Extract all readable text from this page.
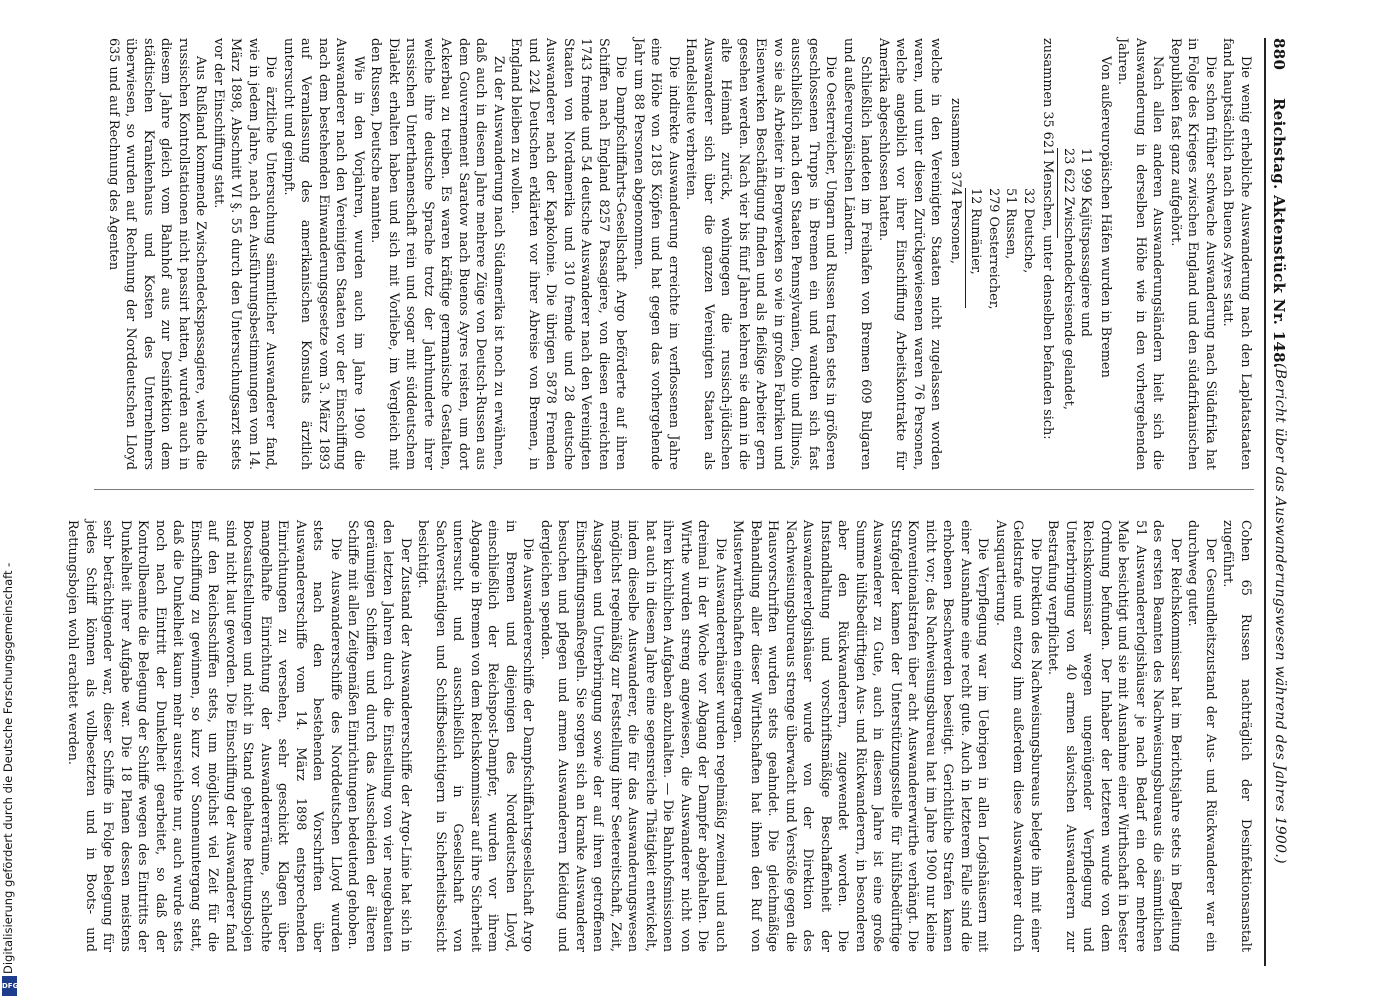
Digitalisierung gefördert durch die Deutsche Forschungsgemeinschaft -
DFG
880
Reichstag. Aktenstück Nr. 148.
(Bericht über das Auswanderungswesen während des Jahres 1900.)

Die wenig erhebliche Auswanderung nach den Laplatastaaten fand hauptsächlich nach Buenos Ayres statt.

Die schon früher schwache Auswanderung nach Südafrika hat in Folge des Krieges zwischen England und den südafrikanischen Republiken fast ganz aufgehört.

Nach allen anderen Auswanderungsländern hielt sich die Auswanderung in derselben Höhe wie in den vorhergehenden Jahren.

Von außereuropäischen Häfen wurden in Bremen

11 999 Kajütspassagiere und
23 622 Zwischendeckreisende gelandet,
zusammen 35 621 Menschen, unter denselben befanden sich:
32 Deutsche,
51 Russen,
279 Oesterreicher,
12 Rumänier,
zusammen 374 Personen,

welche in den Vereinigten Staaten nicht zugelassen worden waren, und unter diesen Zurückgewiesenen waren 76 Personen, welche angeblich vor ihrer Einschiffung Arbeitskontrakte für Amerika abgeschlossen hatten.

Schließlich landeten im Freihafen von Bremen 609 Bulgaren und außereuropäischen Ländern.

Die Oesterreicher, Ungarn und Russen trafen stets in größeren geschlossenen Trupps in Bremen ein und wandten sich fast ausschließlich nach den Staaten Pennsylvanien, Ohio und Illinois, wo sie als Arbeiter in Bergwerken so wie in großen Fabriken und Eisenwerken Beschäftigung finden und als fleißige Arbeiter gern gesehen werden. Nach vier bis fünf Jahren kehren sie dann in die alte Heimath zurück, wohingegen die russisch-jüdischen Auswanderer sich über die ganzen Vereinigten Staaten als Handelsleute verbreiten.

Die indirekte Auswanderung erreichte im verflossenen Jahre eine Höhe von 2185 Köpfen und hat gegen das vorhergehende Jahr um 88 Personen abgenommen.

Die Dampfschiffahrts-Gesellschaft Argo beförderte auf ihren Schiffen nach England 8257 Passagiere, von diesen erreichten 1743 fremde und 54 deutsche Auswanderer nach den Vereinigten Staaten von Nordamerika und 310 fremde und 28 deutsche Auswanderer nach der Kapkolonie. Die übrigen 5878 Fremden und 224 Deutschen erklärten vor ihrer Abreise von Bremen, in England bleiben zu wollen.

Zu der Auswanderung nach Südamerika ist noch zu erwähnen, daß auch in diesem Jahre mehrere Züge von Deutsch-Russen aus dem Gouvernement Saratow nach Buenos Ayres reisten, um dort Ackerbau zu treiben. Es waren kräftige germanische Gestalten, welche ihre deutsche Sprache trotz der Jahrhunderte ihrer russischen Unterthanenschaft rein und sogar mit süddeutschem Dialekt erhalten haben und sich mit Vorliebe, im Vergleich mit den Russen, Deutsche nannten.

Wie in den Vorjahren, wurden auch im Jahre 1900 die Auswanderer nach den Vereinigten Staaten vor der Einschiffung nach dem bestehenden Einwanderungsgesetze vom 3. März 1893 auf Veranlassung des amerikanischen Konsulats ärztlich untersucht und geimpft.

Die ärztliche Untersuchung sämmtlicher Auswanderer fand, wie in jedem Jahre, nach den Ausführungsbestimmungen vom 14. März 1898, Abschnitt VI §. 55 durch den Untersuchungsarzt stets vor der Einschiffung statt.

Aus Rußland kommende Zwischendeckspassagiere, welche die russischen Kontrollstationen nicht passirt hatten, wurden auch in diesem Jahre gleich vom Bahnhof aus zur Desinfektion dem städtischen Krankenhaus und Kosten des Unternehmers überwiesen, so wurden auf Rechnung der Norddeutschen Lloyd 635 und auf Rechnung des Agenten

Cohen 65 Russen nachträglich der Desinfektionsanstalt zugeführt.

Der Gesundheitszustand der Aus- und Rückwanderer war ein durchweg guter.

Der Reichskommissar hat im Berichtsjahre stets in Begleitung des ersten Beamten des Nachweisungsbureaus die sämmtlichen 51 Auswandererlogishäuser je nach Bedarf ein oder mehrere Male besichtigt und sie mit Ausnahme einer Wirthschaft in bester Ordnung befunden. Der Inhaber der letzteren wurde von dem Reichskommissar wegen ungenügender Verpflegung und Unterbringung von 40 armen slavischen Auswanderern zur Bestrafung verpflichtet.

Die Direktion des Nachweisungsbureaus belegte ihn mit einer Geldstrafe und entzog ihm außerdem diese Auswanderer durch Ausquartierung.

Die Verpflegung war im Uebrigen in allen Logishäusern mit einer Ausnahme eine recht gute. Auch in letzterem Falle sind die erhobenen Beschwerden beseitigt. Gerichtliche Strafen kamen nicht vor; das Nachweisungsbureau hat im Jahre 1900 nur kleine Konventionalstrafen über acht Auswandererwirthe verhängt. Die Strafgelder kamen der Unterstützungsstelle für hülfsbedürftige Auswanderer zu Gute, auch in diesem Jahre ist eine große Summe hülfsbedürftigen Aus- und Rückwanderern, in besonderen aber den Rückwanderern, zugewendet worden. Die Instandhaltung und vorschriftsmäßige Beschaffenheit der Auswandererlogishäuser wurde von der Direktion des Nachweisungsbureaus strenge überwacht und Verstöße gegen die Hausvorschriften wurden stets geahndet. Die gleichmäßige Behandlung aller dieser Wirthschaften hat ihnen den Ruf von Musterwirthschaften eingetragen.

Die Auswandererhäuser wurden regelmäßig zweimal und auch dreimal in der Woche vor Abgang der Dampfer abgehalten. Die Wirthe wurden streng angewiesen, die Auswanderer nicht von ihren kirchlichen Aufgaben abzuhalten. — Die Bahnhofsmissionen hat auch in diesem Jahre eine segensreiche Thätigkeit entwickelt, indem dieselbe Auswanderer, die für das Auswanderungswesen möglichst regelmäßig zur Feststellung ihrer Seetereitschaft, Zeit, Ausgaben und Unterbringung sowie der auf ihren getroffenen Einschiffungsmaßregeln. Sie sorgen sich an kranke Auswanderer besuchen und pflegen und armen Auswanderern Kleidung und dergleichen spenden.

Die Auswandererschiffe der Dampfschiffahrtsgesellschaft Argo in Bremen und diejenigen des Norddeutschen Lloyd, einschließlich der Reichspost-Dampfer, wurden vor ihrem Abgange in Bremen von dem Reichskommissar auf ihre Sicherheit untersucht und ausschließlich in Gesellschaft von Sachverständigen und Schiffsbesichtigern in Sicherheitsbesicht besichtigt.

Der Zustand der Auswandererschiffe der Argo-Linie hat sich in den letzten Jahren durch die Einstellung von vier neugebauten geräumigen Schiffen und durch das Ausscheiden der älteren Schiffe mit allen Zeitgemäßen Einrichtungen bedeutend gehoben.

Die Auswandererschiffe des Norddeutschen Lloyd wurden stets nach den bestehenden Vorschriften über Auswandererschiffe vom 14. März 1898 entsprechenden Einrichtungen zu versehen, sehr geschickt Klagen über mangelhafte Einrichtung der Auswandererräume, schlechte Bootsaufstellungen und nicht in Stand gehaltene Rettungsbojen sind nicht laut geworden. Die Einschiffung der Auswanderer fand auf den Reichsschiffen stets, um möglichst viel Zeit für die Einschiffung zu gewinnen, so kurz vor Sonnenuntergang statt, daß die Dunkelheit kaum mehr ausreichte nur, auch wurde stets noch nach Eintritt der Dunkelheit gearbeitet, so daß der Kontrollbeamte die Belegung der Schiffe wegen des Eintritts der Dunkelheit ihrer Aufgabe war. Die 18 Planen dessen meistens sehr beträchtigender war, dieser Schiffe in Folge Belegung für jedes Schiff können als vollbesetzten und in Boots- und Rettungsbojen wohl erachtet werden.
